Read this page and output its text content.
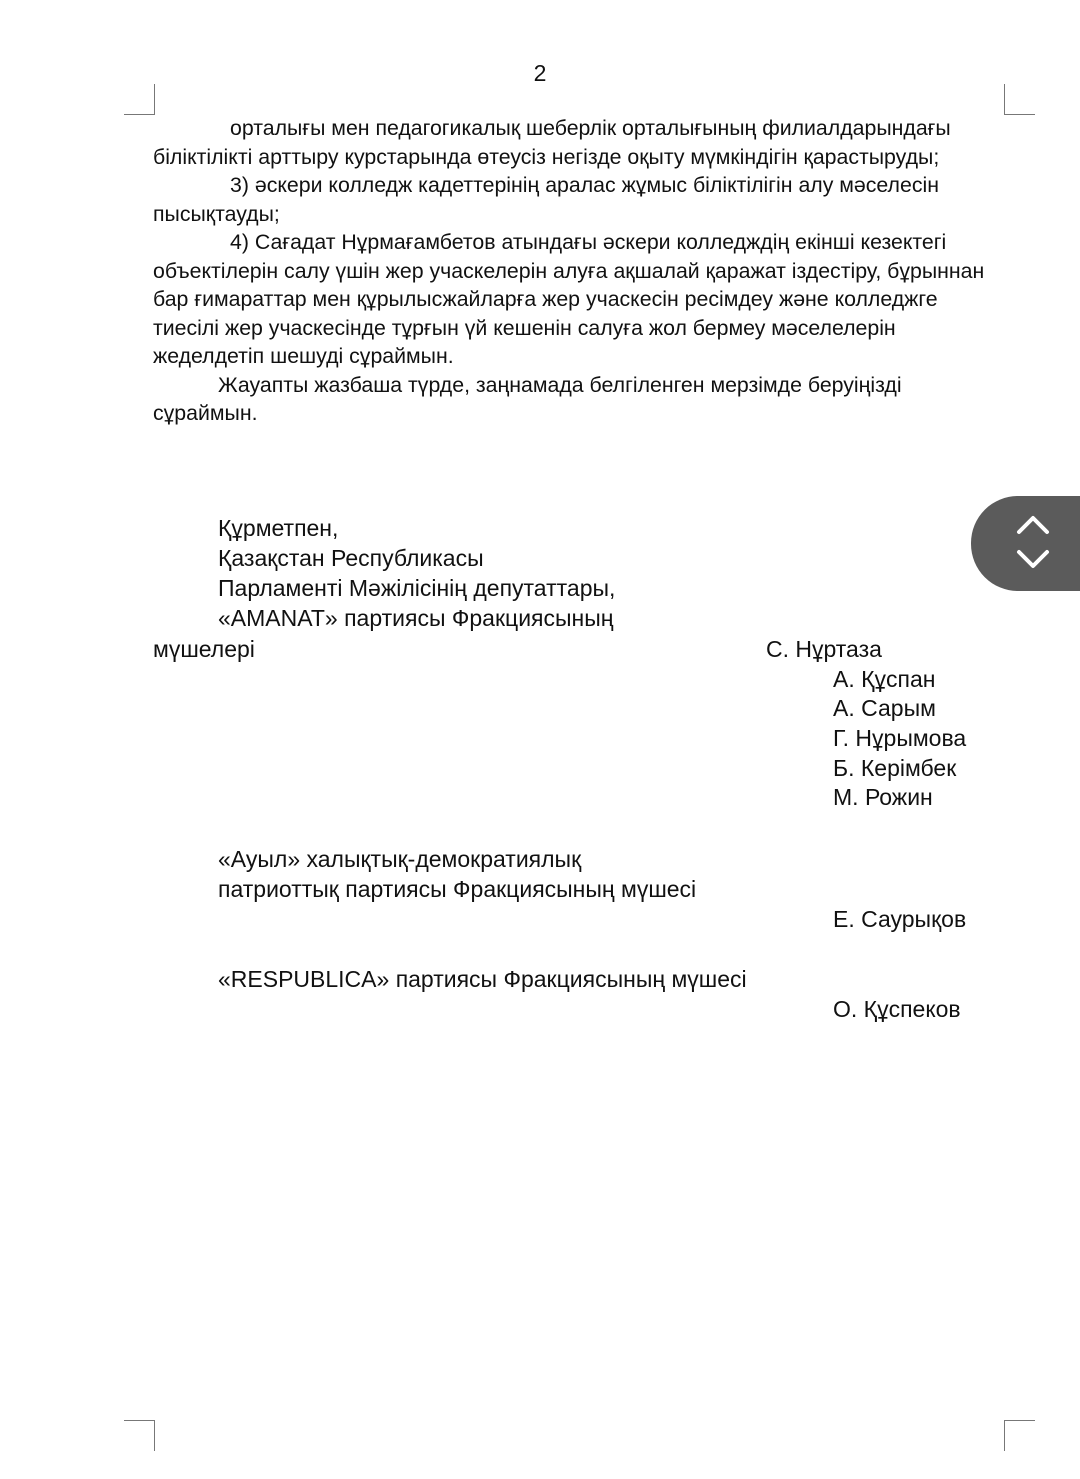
2

орталығы мен педагогикалық шеберлік орталығының филиалдарындағы біліктілікті арттыру курстарында өтеусіз негізде оқыту мүмкіндігін қарастыруды;

3) әскери колледж кадеттерінің аралас жұмыс біліктілігін алу мәселесін пысықтауды;

4) Сағадат Нұрмағамбетов атындағы әскери колледждің екінші кезектегі объектілерін салу үшін жер учаскелерін алуға ақшалай қаражат іздестіру, бұрыннан бар ғимараттар мен құрылысжайларға жер учаскесін ресімдеу және колледжге тиесілі жер учаскесінде тұрғын үй кешенін салуға жол бермеу мәселелерін жеделдетіп шешуді сұраймын.

Жауапты жазбаша түрде, заңнамада белгіленген мерзімде беруіңізді сұраймын.

Құрметпен,
Қазақстан Республикасы
Парламенті Мәжілісінің депутаттары,
«AMANAT» партиясы Фракциясының
мүшелері	С. Нұртаза
А. Құспан
А. Сарым
Г. Нұрымова
Б. Керімбек
М. Рожин
«Ауыл» халықтық-демократиялық
патриоттық партиясы Фракциясының мүшесі
Е. Саурықов
«RESPUBLICA» партиясы Фракциясының мүшесі
О. Құспеков
